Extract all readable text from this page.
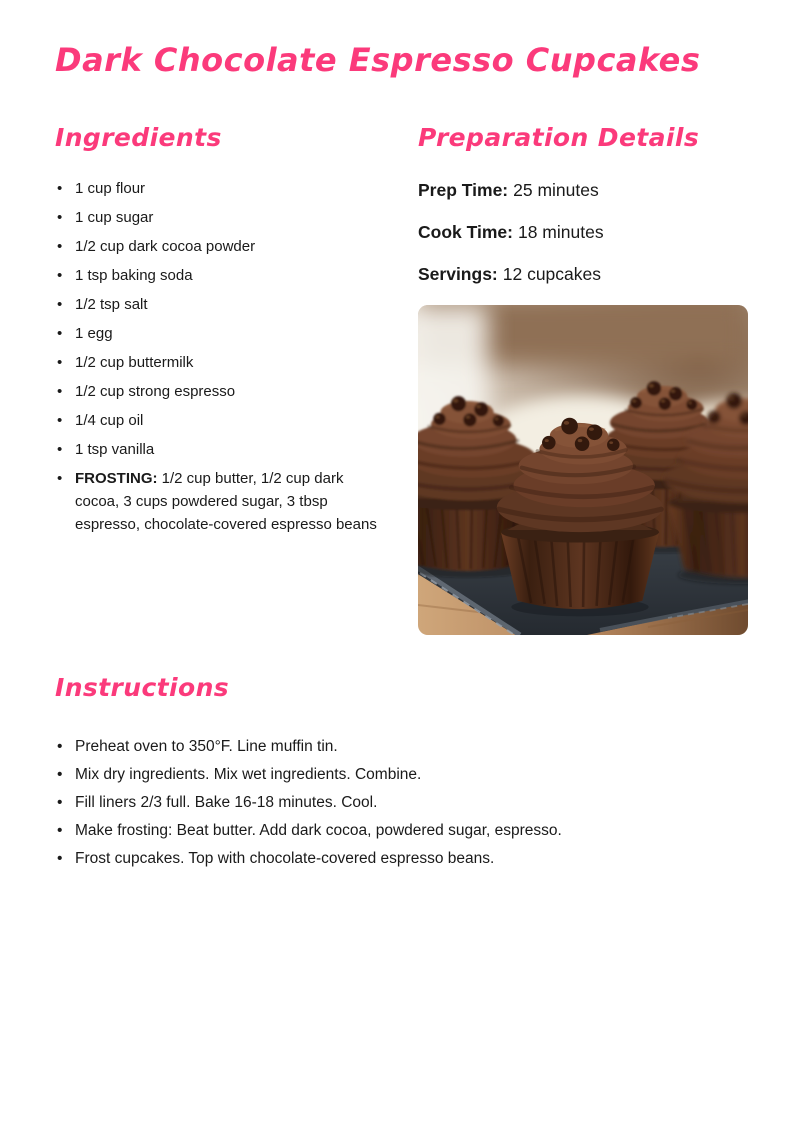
Dark Chocolate Espresso Cupcakes
Ingredients
• 1 cup flour
• 1 cup sugar
• 1/2 cup dark cocoa powder
• 1 tsp baking soda
• 1/2 tsp salt
• 1 egg
• 1/2 cup buttermilk
• 1/2 cup strong espresso
• 1/4 cup oil
• 1 tsp vanilla
• FROSTING: 1/2 cup butter, 1/2 cup dark cocoa, 3 cups powdered sugar, 3 tbsp espresso, chocolate-covered espresso beans
Preparation Details

Prep Time: 25 minutes

Cook Time: 18 minutes

Servings: 12 cupcakes

Instructions
• Preheat oven to 350°F. Line muffin tin.
• Mix dry ingredients. Mix wet ingredients. Combine.
• Fill liners 2/3 full. Bake 16-18 minutes. Cool.
• Make frosting: Beat butter. Add dark cocoa, powdered sugar, espresso.
• Frost cupcakes. Top with chocolate-covered espresso beans.
